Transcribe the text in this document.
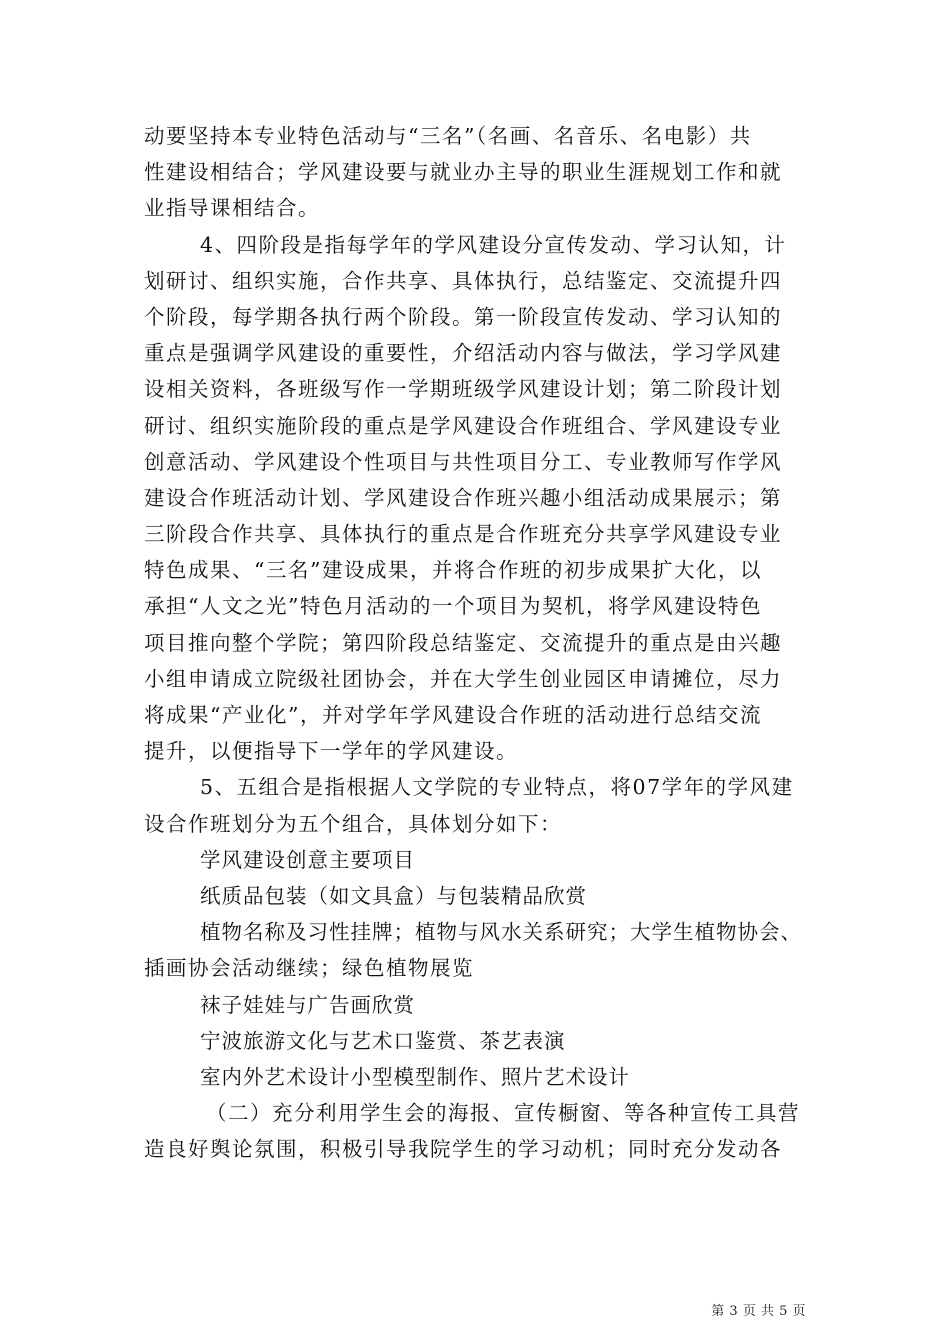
动要坚持本专业特色活动与“三名”（名画、名音乐、名电影）共
性建设相结合；学风建设要与就业办主导的职业生涯规划工作和就
业指导课相结合。
4、四阶段是指每学年的学风建设分宣传发动、学习认知，计
划研讨、组织实施，合作共享、具体执行，总结鉴定、交流提升四
个阶段，每学期各执行两个阶段。第一阶段宣传发动、学习认知的
重点是强调学风建设的重要性，介绍活动内容与做法，学习学风建
设相关资料，各班级写作一学期班级学风建设计划；第二阶段计划
研讨、组织实施阶段的重点是学风建设合作班组合、学风建设专业
创意活动、学风建设个性项目与共性项目分工、专业教师写作学风
建设合作班活动计划、学风建设合作班兴趣小组活动成果展示；第
三阶段合作共享、具体执行的重点是合作班充分共享学风建设专业
特色成果、“三名”建设成果，并将合作班的初步成果扩大化，以
承担“人文之光”特色月活动的一个项目为契机，将学风建设特色
项目推向整个学院；第四阶段总结鉴定、交流提升的重点是由兴趣
小组申请成立院级社团协会，并在大学生创业园区申请摊位，尽力
将成果“产业化”，并对学年学风建设合作班的活动进行总结交流
提升，以便指导下一学年的学风建设。
5、五组合是指根据人文学院的专业特点，将07学年的学风建
设合作班划分为五个组合，具体划分如下：
学风建设创意主要项目
纸质品包装（如文具盒）与包装精品欣赏
植物名称及习性挂牌；植物与风水关系研究；大学生植物协会、
插画协会活动继续；绿色植物展览
袜子娃娃与广告画欣赏
宁波旅游文化与艺术口鉴赏、茶艺表演
室内外艺术设计小型模型制作、照片艺术设计
（二）充分利用学生会的海报、宣传橱窗、等各种宣传工具营
造良好舆论氛围，积极引导我院学生的学习动机；同时充分发动各
第 3 页 共 5 页
